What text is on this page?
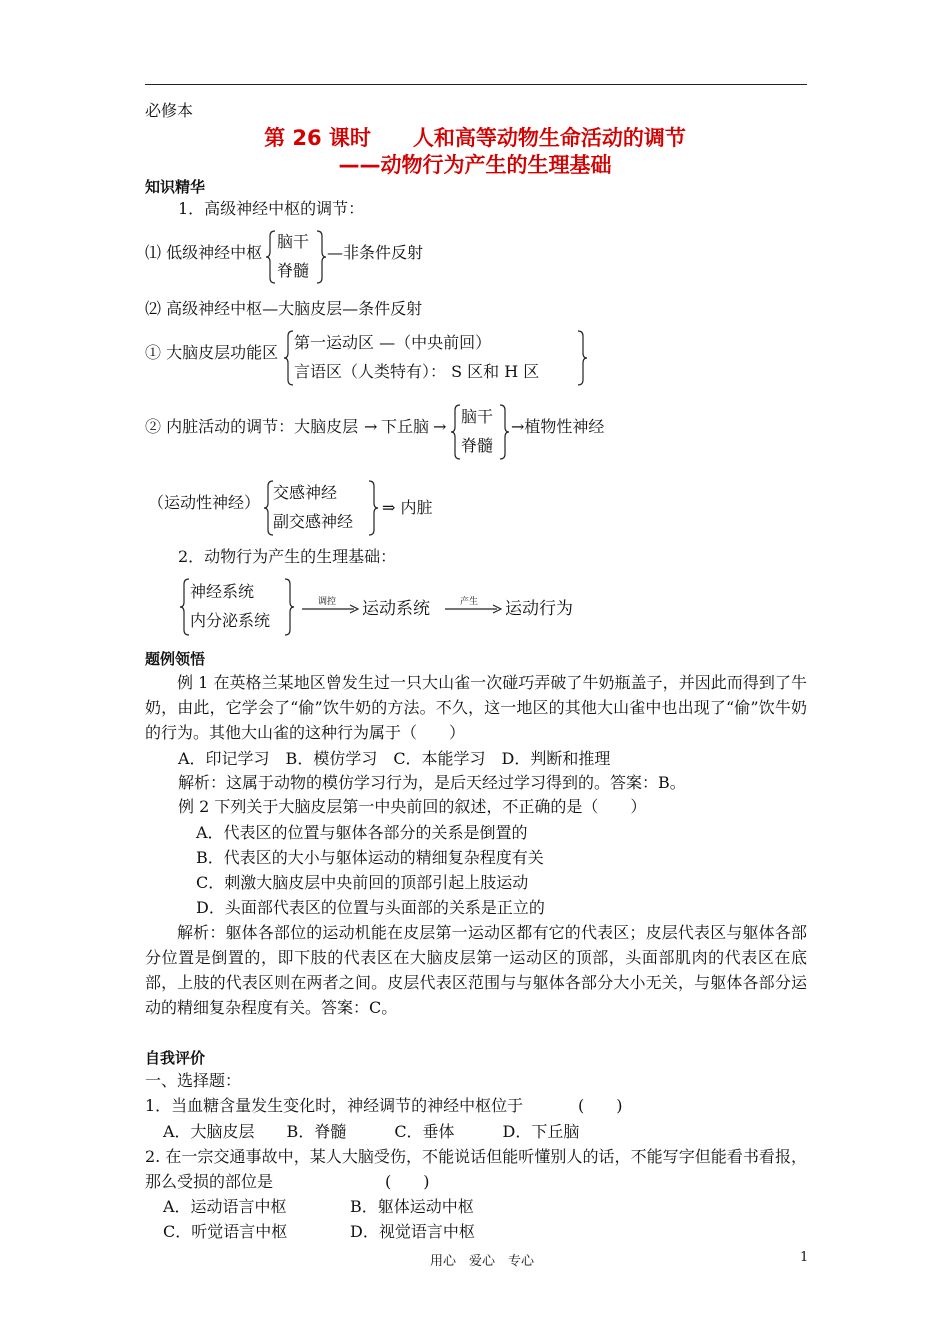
必修本
第 26 课时　　人和高等动物生命活动的调节
——动物行为产生的生理基础
知识精华
1．高级神经中枢的调节：
⑴ 低级神经中枢
脑干
脊髓
—非条件反射
⑵ 高级神经中枢—大脑皮层—条件反射
① 大脑皮层功能区
第一运动区 —（中央前回）
言语区（人类特有）： S 区和 H 区
② 内脏活动的调节：大脑皮层 → 下丘脑 →
脑干
脊髓
→植物性神经
（运动性神经）
交感神经
副交感神经
⇒ 内脏
2．动物行为产生的生理基础：
神经系统
内分泌系统
调控 运动系统	产生 运动行为
题例领悟
例 1 在英格兰某地区曾发生过一只大山雀一次碰巧弄破了牛奶瓶盖子，并因此而得到了牛奶，由此，它学会了“偷”饮牛奶的方法。不久，这一地区的其他大山雀中也出现了“偷”饮牛奶的行为。其他大山雀的这种行为属于（　　）
A．印记学习　B．模仿学习　C．本能学习　D．判断和推理
解析：这属于动物的模仿学习行为，是后天经过学习得到的。答案：B。
例 2 下列关于大脑皮层第一中央前回的叙述，不正确的是（　　）
A．代表区的位置与躯体各部分的关系是倒置的
B．代表区的大小与躯体运动的精细复杂程度有关
C．刺激大脑皮层中央前回的顶部引起上肢运动
D．头面部代表区的位置与头面部的关系是正立的
解析：躯体各部位的运动机能在皮层第一运动区都有它的代表区；皮层代表区与躯体各部分位置是倒置的，即下肢的代表区在大脑皮层第一运动区的顶部，头面部肌肉的代表区在底部，上肢的代表区则在两者之间。皮层代表区范围与与躯体各部分大小无关，与躯体各部分运动的精细复杂程度有关。答案：C。
自我评价
一、选择题：
1．当血糖含量发生变化时，神经调节的神经中枢位于	(　　)
A．大脑皮层　　B．脊髓　　　C．垂体　　　D．下丘脑
2. 在一宗交通事故中，某人大脑受伤，不能说话但能听懂别人的话，不能写字但能看书看报，那么受损的部位是　　　　　　　(　　)
A．运动语言中枢	B．躯体运动中枢
C．听觉语言中枢	D．视觉语言中枢
用心　爱心　专心	1
